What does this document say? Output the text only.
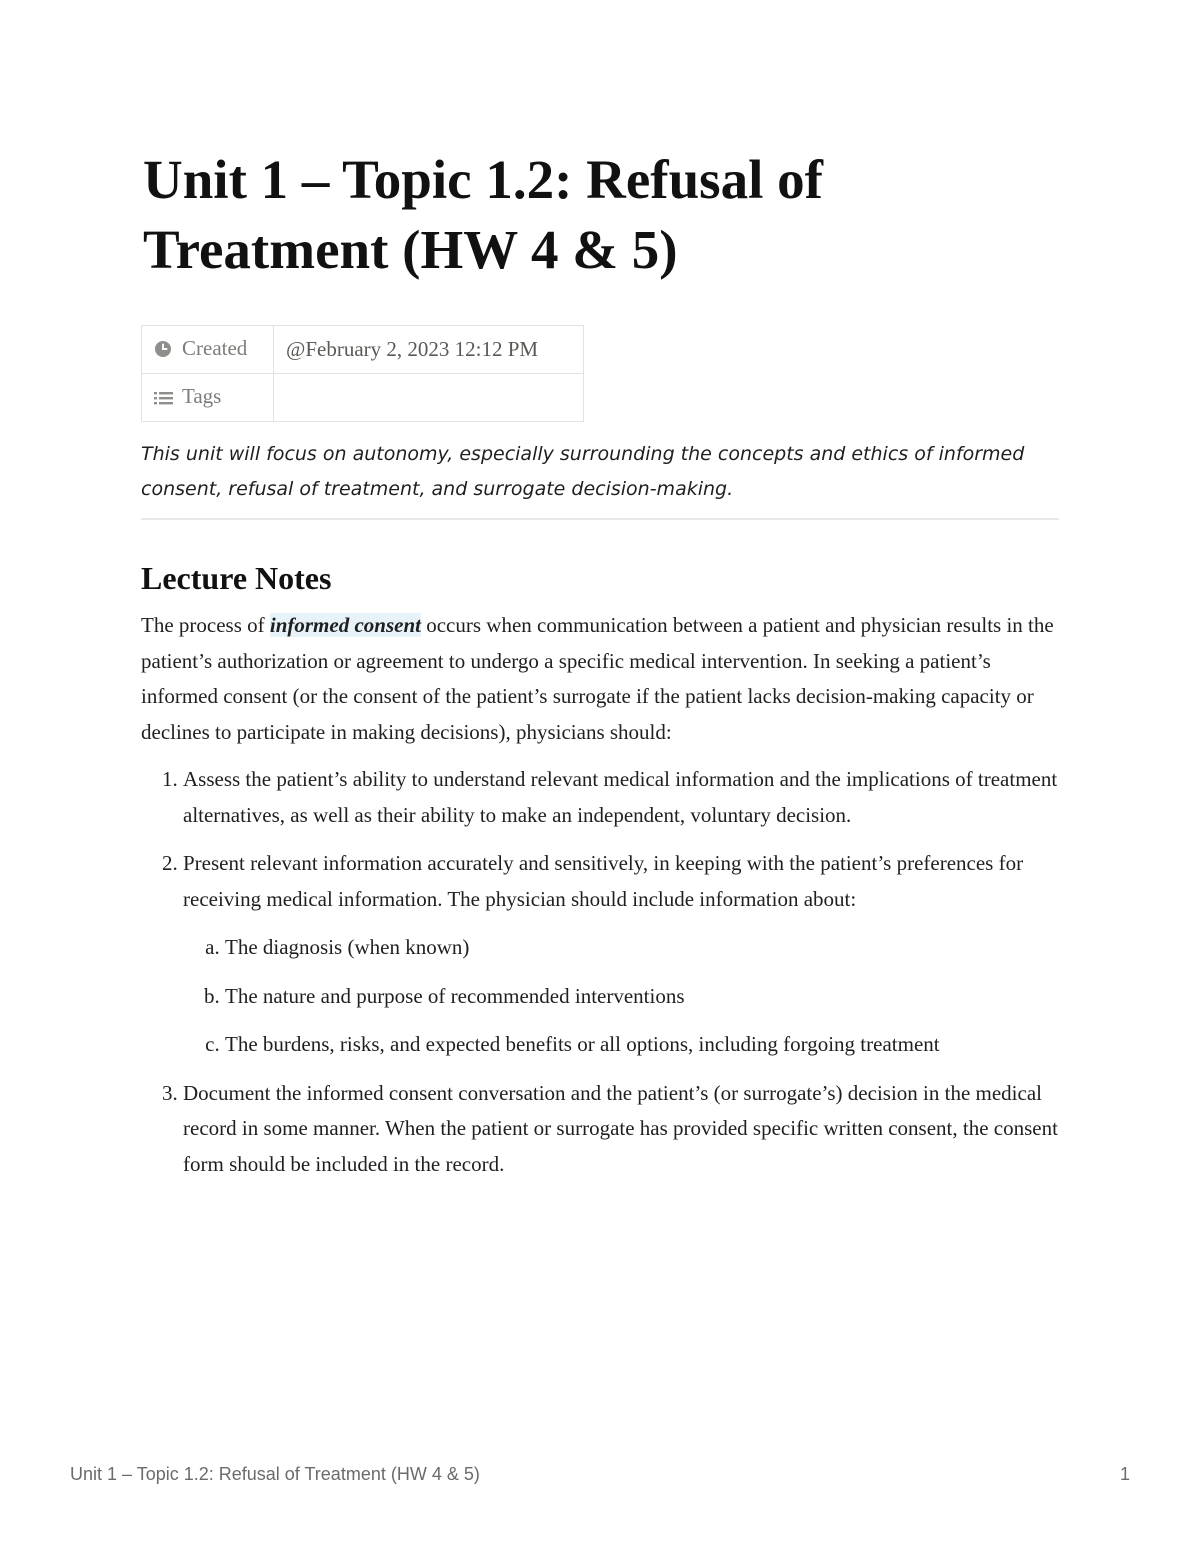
Unit 1 – Topic 1.2: Refusal of Treatment (HW 4 & 5)
Created	@February 2, 2023 12:12 PM
Tags	

This unit will focus on autonomy, especially surrounding the concepts and ethics of informed consent, refusal of treatment, and surrogate decision-making.

Lecture Notes

The process of informed consent occurs when communication between a patient and physician results in the patient’s authorization or agreement to undergo a specific medical intervention. In seeking a patient’s informed consent (or the consent of the patient’s surrogate if the patient lacks decision-making capacity or declines to participate in making decisions), physicians should:

1. Assess the patient’s ability to understand relevant medical information and the implications of treatment alternatives, as well as their ability to make an independent, voluntary decision.
2. Present relevant information accurately and sensitively, in keeping with the patient’s preferences for receiving medical information. The physician should include information about:
a. The diagnosis (when known)
b. The nature and purpose of recommended interventions
c. The burdens, risks, and expected benefits or all options, including forgoing treatment
3. Document the informed consent conversation and the patient’s (or surrogate’s) decision in the medical record in some manner. When the patient or surrogate has provided specific written consent, the consent form should be included in the record.
Unit 1 – Topic 1.2: Refusal of Treatment (HW 4 & 5)	1
